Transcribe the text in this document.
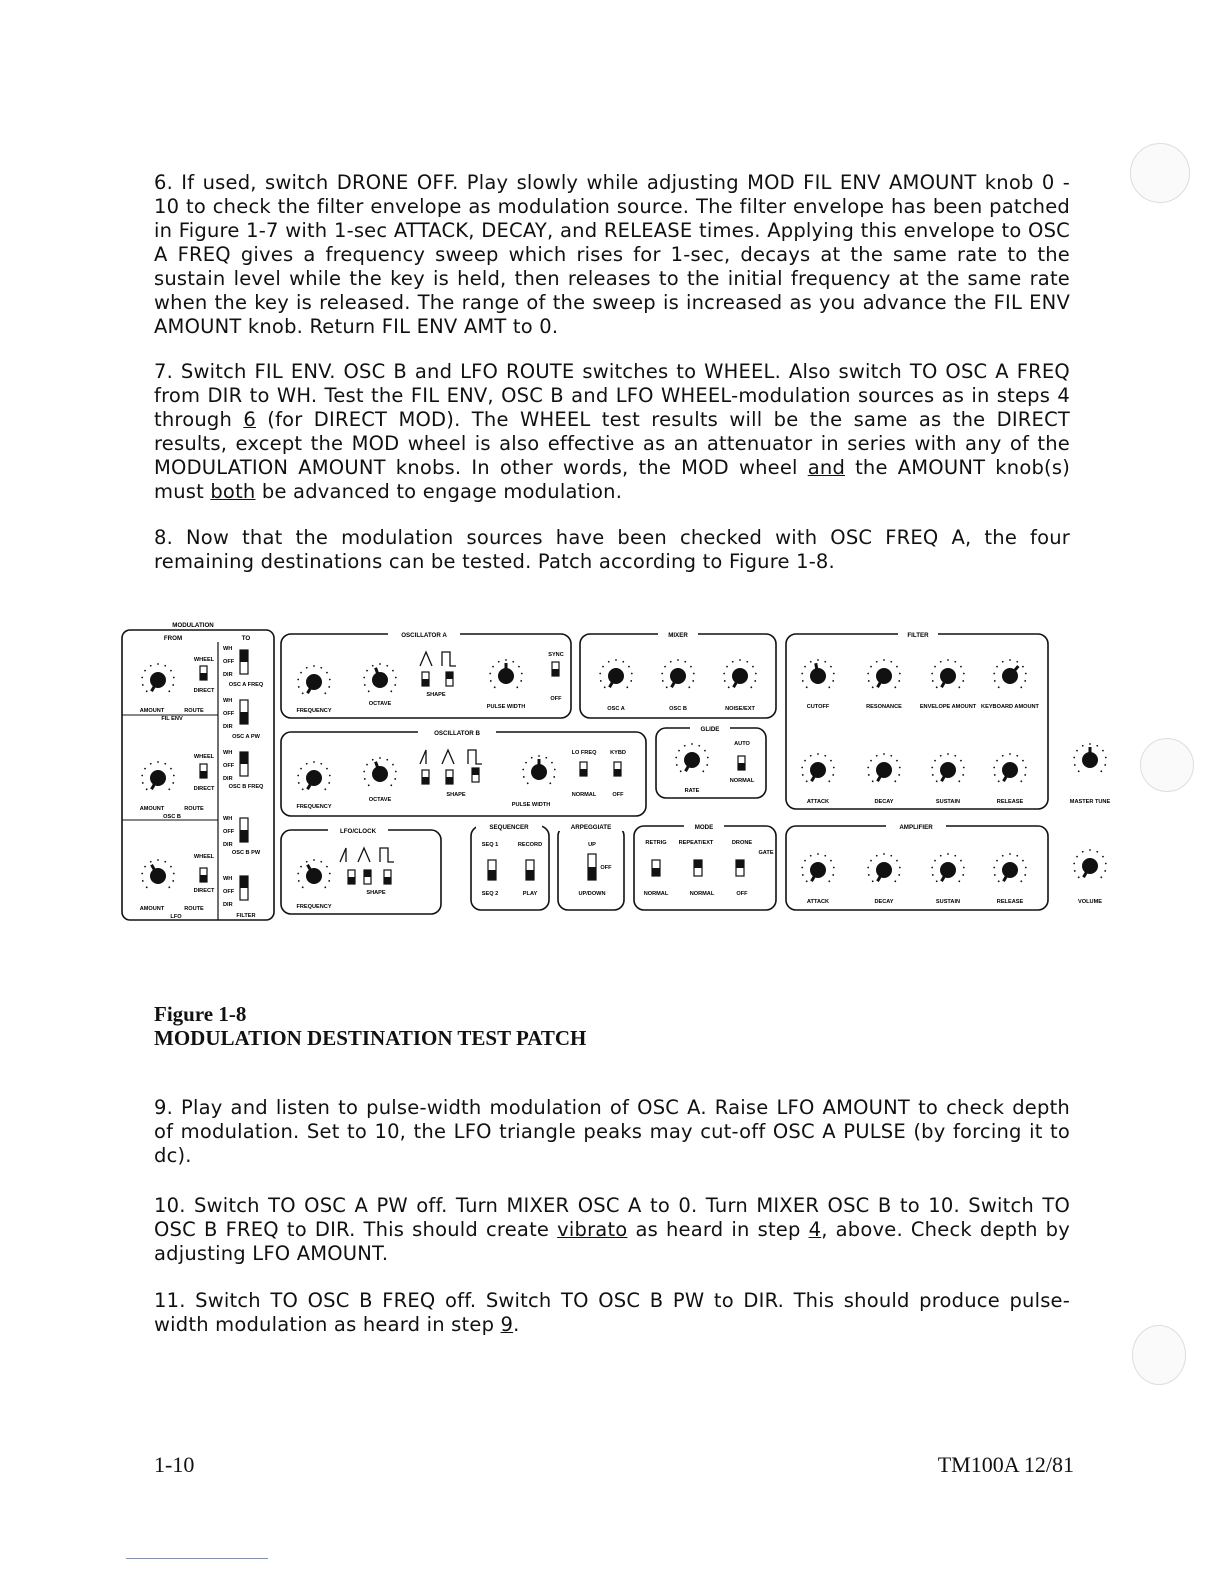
6. If used, switch DRONE OFF. Play slowly while adjusting MOD FIL ENV AMOUNT knob 0 - 10 to check the filter envelope as modulation source. The filter envelope has been patched in Figure 1-7 with 1-sec ATTACK, DECAY, and RELEASE times. Applying this envelope to OSC A FREQ gives a frequency sweep which rises for 1-sec, decays at the same rate to the sustain level while the key is held, then releases to the initial frequency at the same rate when the key is released. The range of the sweep is increased as you advance the FIL ENV AMOUNT knob. Return FIL ENV AMT to 0.
7. Switch FIL ENV. OSC B and LFO ROUTE switches to WHEEL. Also switch TO OSC A FREQ from DIR to WH. Test the FIL ENV, OSC B and LFO WHEEL-modulation sources as in steps 4 through 6 (for DIRECT MOD). The WHEEL test results will be the same as the DIRECT results, except the MOD wheel is also effective as an attenuator in series with any of the MODULATION AMOUNT knobs. In other words, the MOD wheel and the AMOUNT knob(s) must both be advanced to engage modulation.
8. Now that the modulation sources have been checked with OSC FREQ A, the four remaining destinations can be tested. Patch according to Figure 1-8.
9. Play and listen to pulse-width modulation of OSC A. Raise LFO AMOUNT to check depth of modulation. Set to 10, the LFO triangle peaks may cut-off OSC A PULSE (by forcing it to dc).
10. Switch TO OSC A PW off. Turn MIXER OSC A to 0. Turn MIXER OSC B to 10. Switch TO OSC B FREQ to DIR. This should create vibrato as heard in step 4, above. Check depth by adjusting LFO AMOUNT.
11. Switch TO OSC B FREQ off. Switch TO OSC B PW to DIR. This should produce pulse-width modulation as heard in step 9.
MODULATION
FROM	TO	OSCILLATOR A	MIXER	FILTER
OSCILLATOR B
GLIDE
LFO/CLOCK
SEQUENCER	ARPEGGIATE	MODE	AMPLIFIER
WHEEL
DIRECT
AMOUNT	ROUTE
FIL ENV
WHEEL
DIRECT
AMOUNT	ROUTE
OSC B
WHEEL
DIRECT
AMOUNT	ROUTE
LFO
OSC A FREQ
OSC A PW
OSC B FREQ
OSC B PW
FILTER
FREQUENCY
OCTAVE
SHAPE
PULSE WIDTH
SYNC
OFF
OSC A	OSC B	NOISE/EXT	CUTOFF	RESONANCE	ENVELOPE AMOUNT KEYBOARD AMOUNT
ATTACK	DECAY	SUSTAIN	RELEASE
FREQUENCY
OCTAVE
SHAPE
PULSE WIDTH
LO FREQ KYBD
NORMAL	OFF
RATE
AUTO
NORMAL
MASTER TUNE
VOLUME
FREQUENCY
SHAPE
SEQ 1	RECORD
SEQ 2	PLAY
UP
OFF
UP/DOWN
RETRIG REPEAT/EXT	DRONE
GATE
NORMAL	NORMAL	OFF
ATTACK	DECAY	SUSTAIN	RELEASE
WH
OFF
DIR
WH
OFF
DIR
WH
OFF
DIR
WH
OFF
DIR
WH
OFF
DIR
Figure 1-8
MODULATION DESTINATION TEST PATCH
1-10	TM100A 12/81
